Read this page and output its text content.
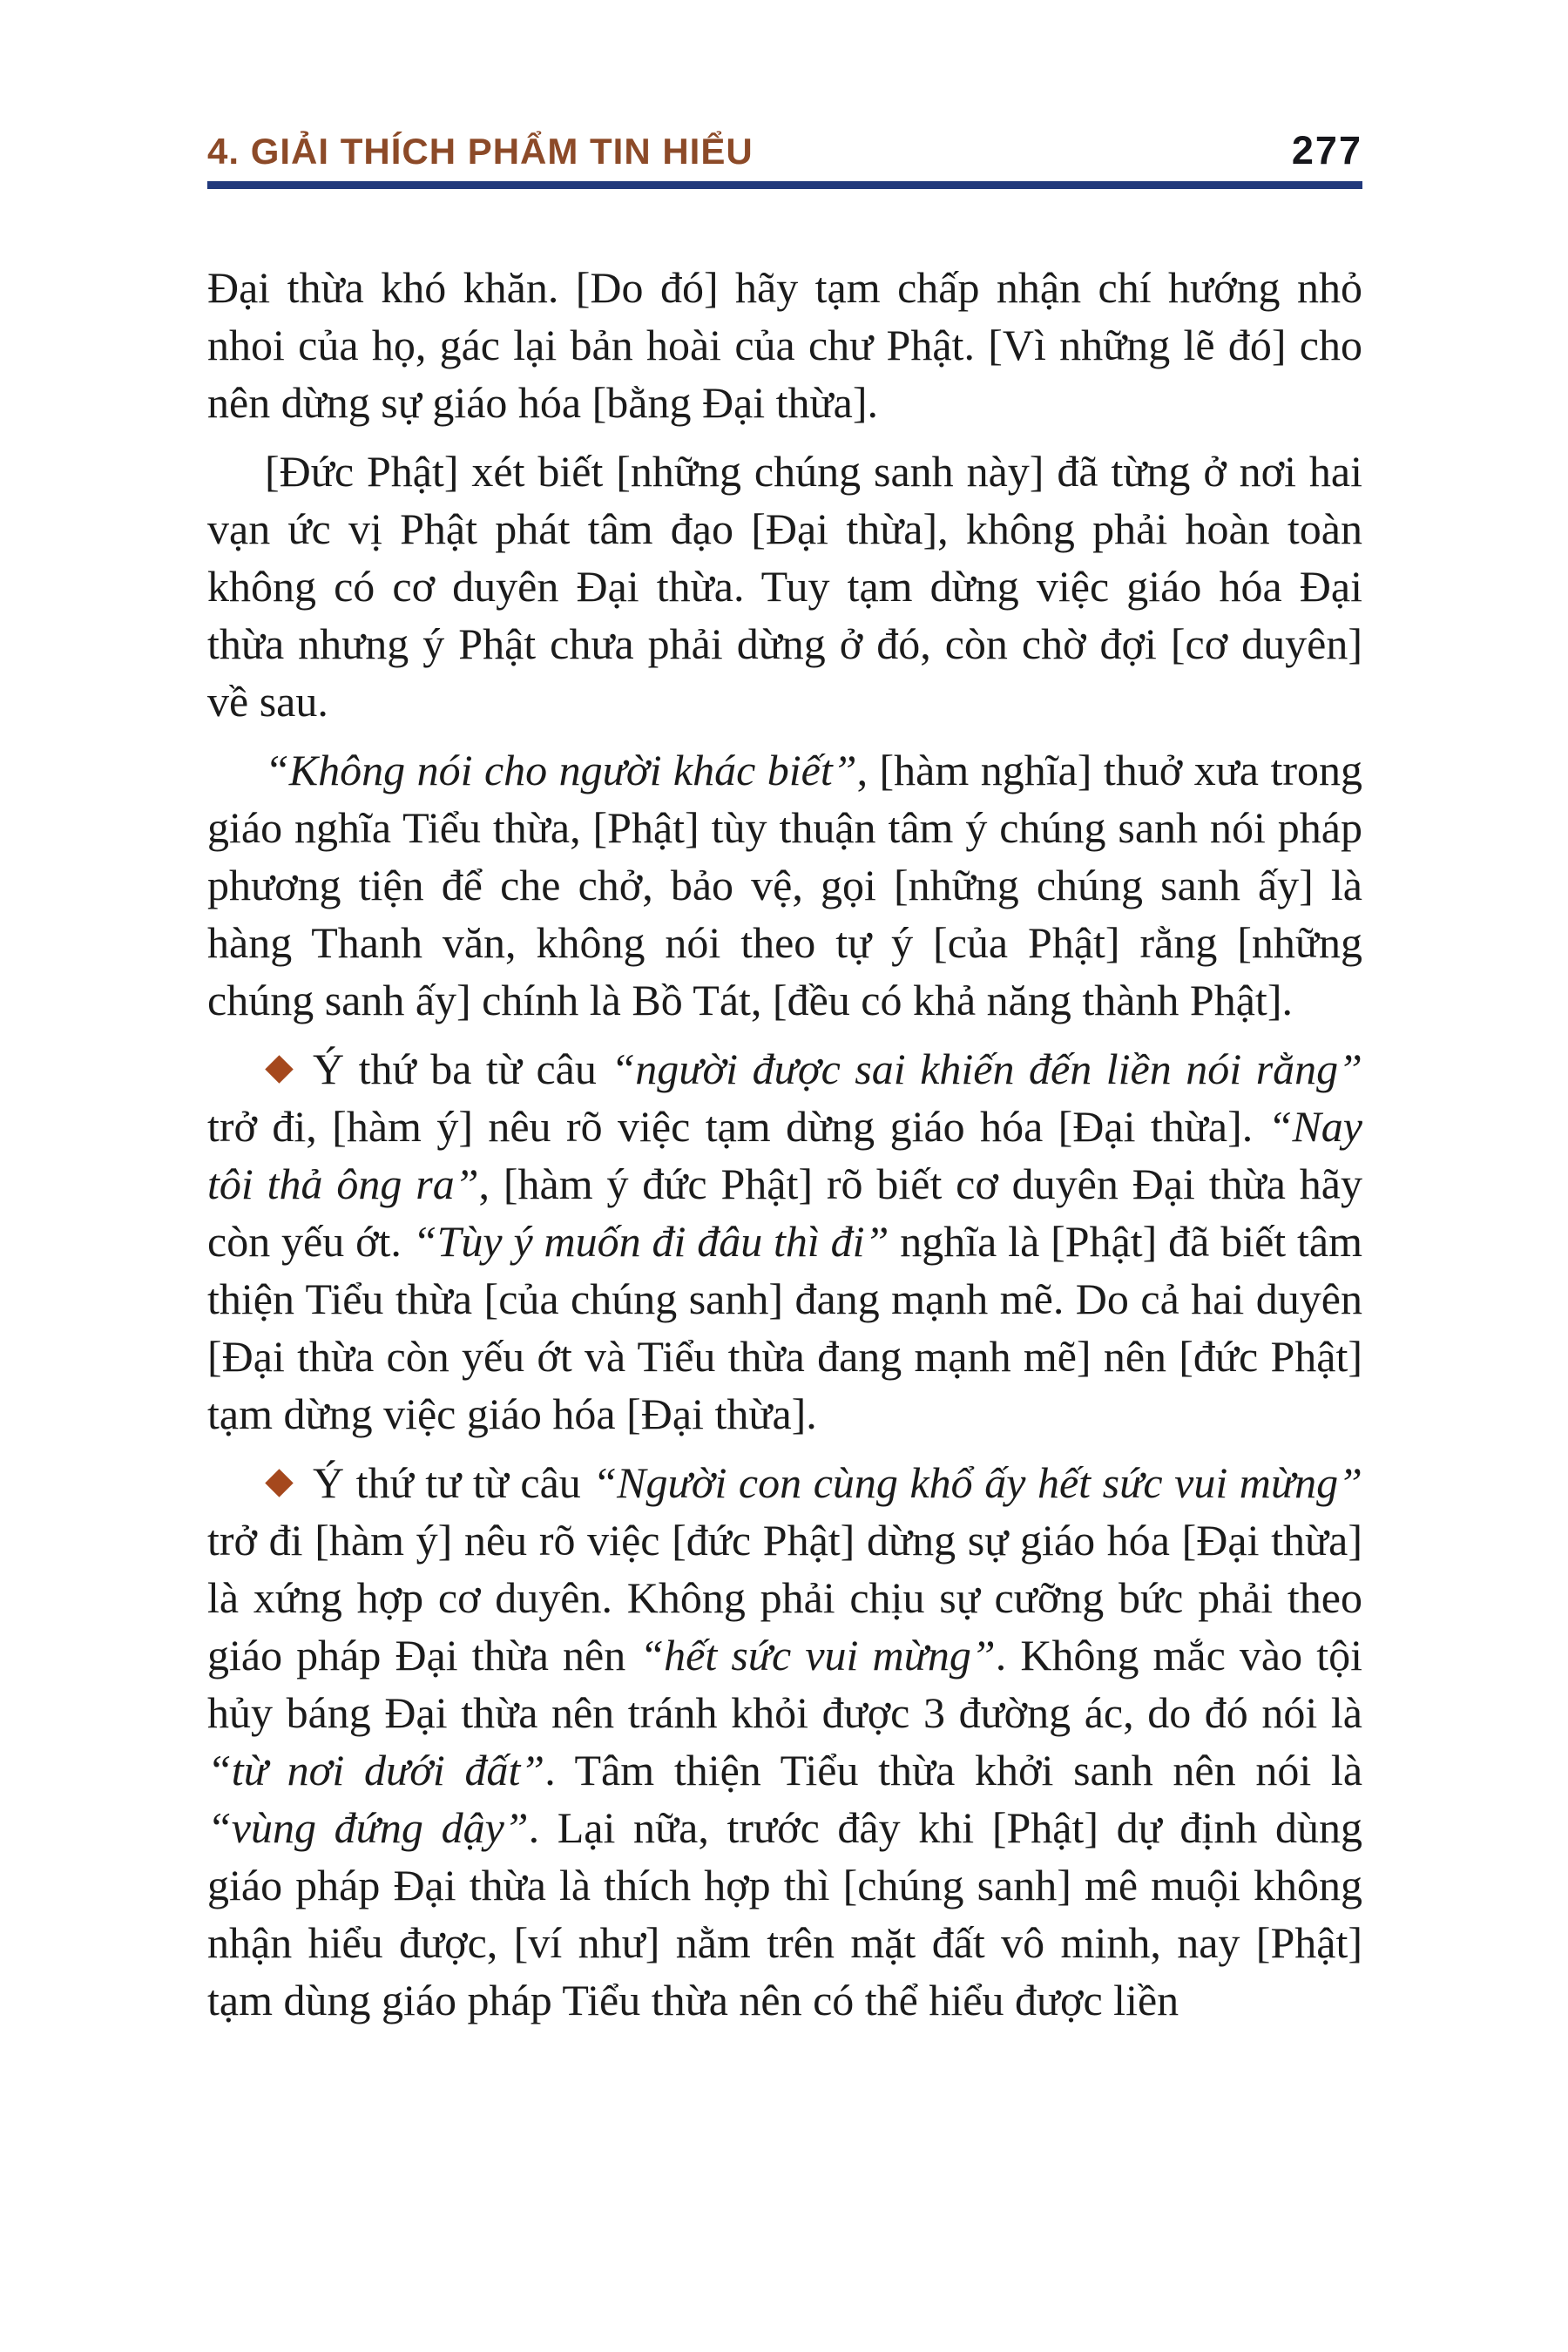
4. GIẢI THÍCH PHẨM TIN HIỂU	277

Đại thừa khó khăn. [Do đó] hãy tạm chấp nhận chí hướng nhỏ nhoi của họ, gác lại bản hoài của chư Phật. [Vì những lẽ đó] cho nên dừng sự giáo hóa [bằng Đại thừa].

[Đức Phật] xét biết [những chúng sanh này] đã từng ở nơi hai vạn ức vị Phật phát tâm đạo [Đại thừa], không phải hoàn toàn không có cơ duyên Đại thừa. Tuy tạm dừng việc giáo hóa Đại thừa nhưng ý Phật chưa phải dừng ở đó, còn chờ đợi [cơ duyên] về sau.

“Không nói cho người khác biết”, [hàm nghĩa] thuở xưa trong giáo nghĩa Tiểu thừa, [Phật] tùy thuận tâm ý chúng sanh nói pháp phương tiện để che chở, bảo vệ, gọi [những chúng sanh ấy] là hàng Thanh văn, không nói theo tự ý [của Phật] rằng [những chúng sanh ấy] chính là Bồ Tát, [đều có khả năng thành Phật].

Ý thứ ba từ câu “người được sai khiến đến liền nói rằng” trở đi, [hàm ý] nêu rõ việc tạm dừng giáo hóa [Đại thừa]. “Nay tôi thả ông ra”, [hàm ý đức Phật] rõ biết cơ duyên Đại thừa hãy còn yếu ớt. “Tùy ý muốn đi đâu thì đi” nghĩa là [Phật] đã biết tâm thiện Tiểu thừa [của chúng sanh] đang mạnh mẽ. Do cả hai duyên [Đại thừa còn yếu ớt và Tiểu thừa đang mạnh mẽ] nên [đức Phật] tạm dừng việc giáo hóa [Đại thừa].

Ý thứ tư từ câu “Người con cùng khổ ấy hết sức vui mừng” trở đi [hàm ý] nêu rõ việc [đức Phật] dừng sự giáo hóa [Đại thừa] là xứng hợp cơ duyên. Không phải chịu sự cưỡng bức phải theo giáo pháp Đại thừa nên “hết sức vui mừng”. Không mắc vào tội hủy báng Đại thừa nên tránh khỏi được 3 đường ác, do đó nói là “từ nơi dưới đất”. Tâm thiện Tiểu thừa khởi sanh nên nói là “vùng đứng dậy”. Lại nữa, trước đây khi [Phật] dự định dùng giáo pháp Đại thừa là thích hợp thì [chúng sanh] mê muội không nhận hiểu được, [ví như] nằm trên mặt đất vô minh, nay [Phật] tạm dùng giáo pháp Tiểu thừa nên có thể hiểu được liền
